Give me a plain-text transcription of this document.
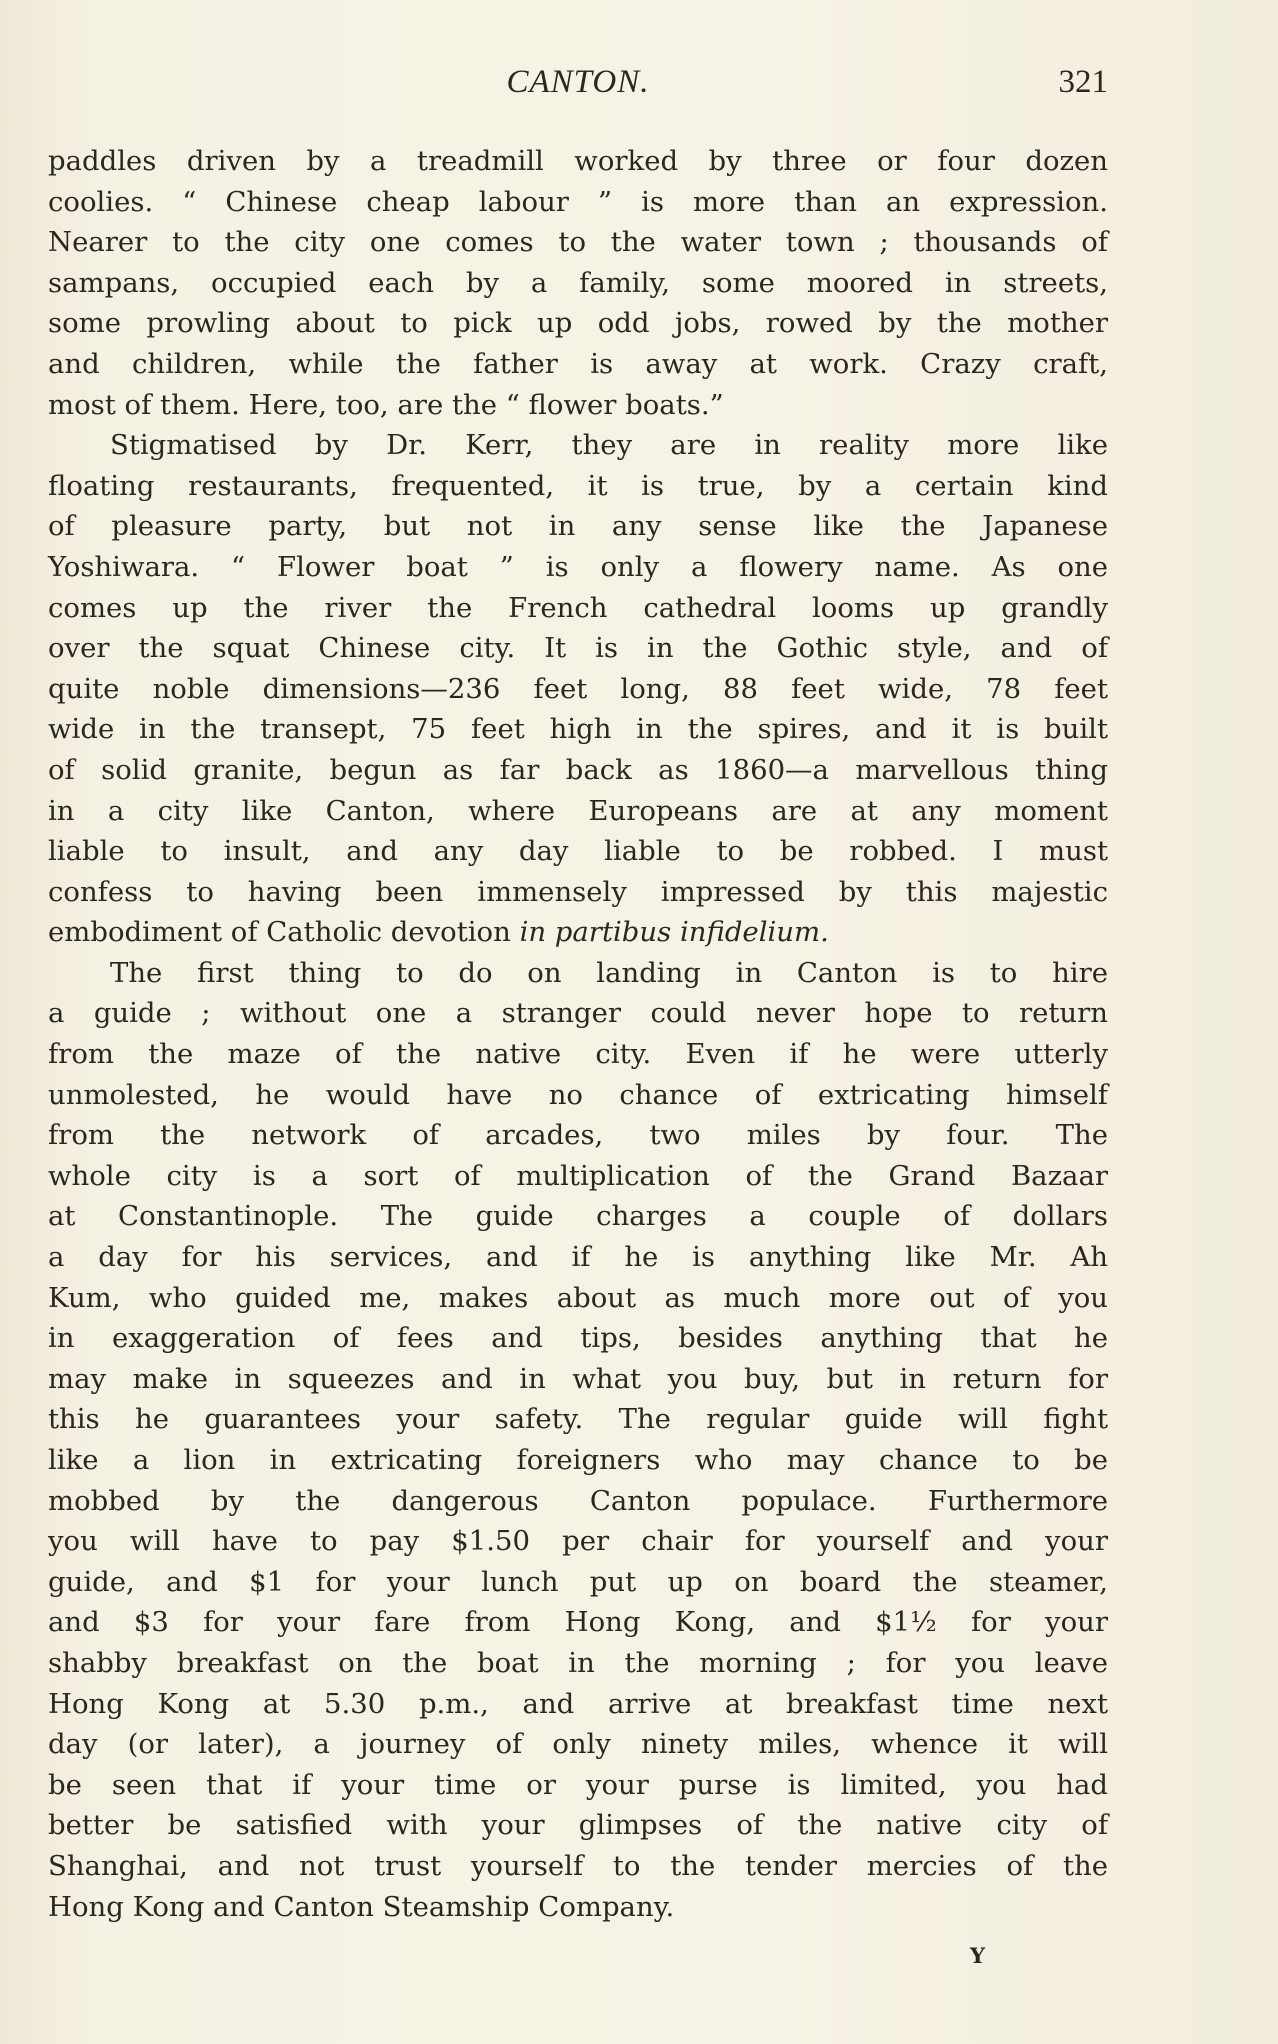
CANTON.	321
paddles driven by a treadmill worked by three or four dozen
coolies. “ Chinese cheap labour ” is more than an expression.
Nearer to the city one comes to the water town ; thousands of
sampans, occupied each by a family, some moored in streets,
some prowling about to pick up odd jobs, rowed by the mother
and children, while the father is away at work. Crazy craft,
most of them. Here, too, are the “ flower boats.”
Stigmatised by Dr. Kerr, they are in reality more like
floating restaurants, frequented, it is true, by a certain kind
of pleasure party, but not in any sense like the Japanese
Yoshiwara. “ Flower boat ” is only a flowery name. As one
comes up the river the French cathedral looms up grandly
over the squat Chinese city. It is in the Gothic style, and of
quite noble dimensions—236 feet long, 88 feet wide, 78 feet
wide in the transept, 75 feet high in the spires, and it is built
of solid granite, begun as far back as 1860—a marvellous thing
in a city like Canton, where Europeans are at any moment
liable to insult, and any day liable to be robbed. I must
confess to having been immensely impressed by this majestic
embodiment of Catholic devotion in partibus infidelium.
The first thing to do on landing in Canton is to hire
a guide ; without one a stranger could never hope to return
from the maze of the native city. Even if he were utterly
unmolested, he would have no chance of extricating himself
from the network of arcades, two miles by four. The
whole city is a sort of multiplication of the Grand Bazaar
at Constantinople. The guide charges a couple of dollars
a day for his services, and if he is anything like Mr. Ah
Kum, who guided me, makes about as much more out of you
in exaggeration of fees and tips, besides anything that he
may make in squeezes and in what you buy, but in return for
this he guarantees your safety. The regular guide will fight
like a lion in extricating foreigners who may chance to be
mobbed by the dangerous Canton populace. Furthermore
you will have to pay $1.50 per chair for yourself and your
guide, and $1 for your lunch put up on board the steamer,
and $3 for your fare from Hong Kong, and $1½ for your
shabby breakfast on the boat in the morning ; for you leave
Hong Kong at 5.30 p.m., and arrive at breakfast time next
day (or later), a journey of only ninety miles, whence it will
be seen that if your time or your purse is limited, you had
better be satisfied with your glimpses of the native city of
Shanghai, and not trust yourself to the tender mercies of the
Hong Kong and Canton Steamship Company.
Y
